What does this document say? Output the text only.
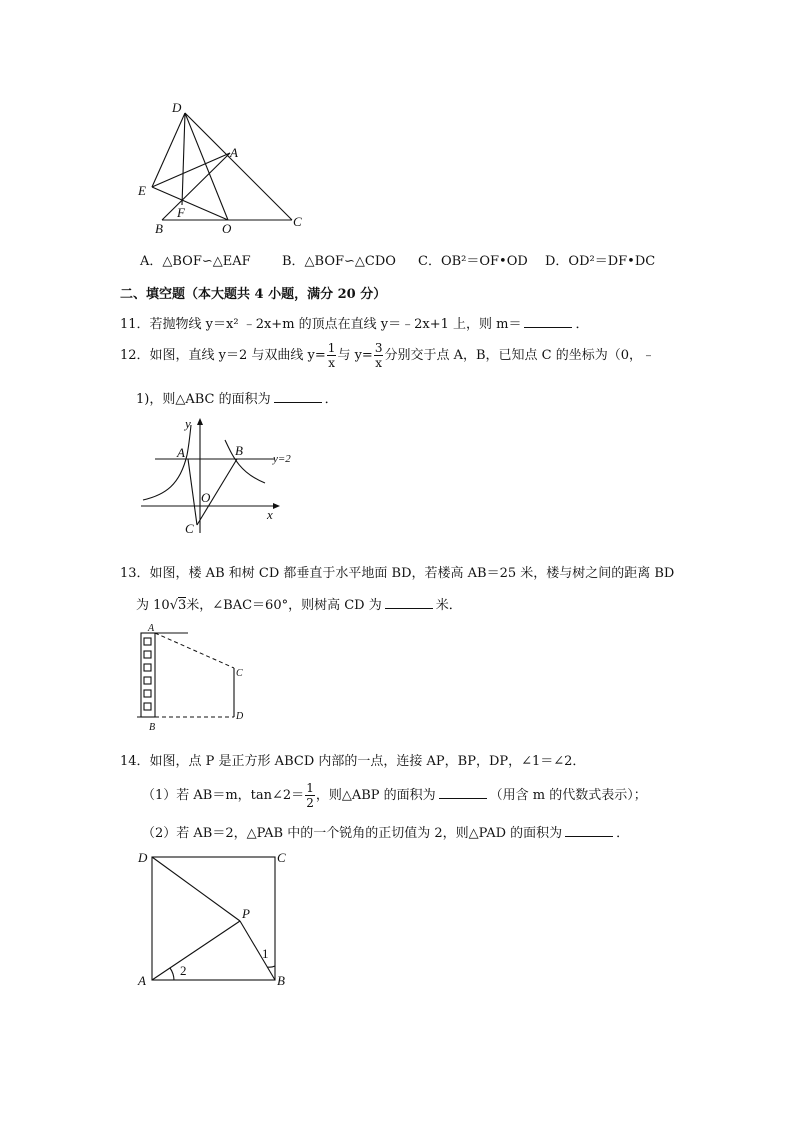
D
A
E
F
B	O	C
A．△BOF∽△EAF B．△BOF∽△CDO C．OB²＝OF•OD D．OD²＝DF•DC
二、填空题（本大题共 4 小题，满分 20 分）
11．若抛物线 y＝x² ﹣2x+m 的顶点在直线 y＝﹣2x+1 上，则 m＝	．
12．如图，直线 y＝2 与双曲线 $y= \frac{1}{x}$ 与 $y= \frac{3}{x}$ 分别交于点 A，B，已知点 C 的坐标为（0，﹣
1)，则△ABC 的面积为	．
y
x
A	B
O
C
y=2
13．如图，楼 AB 和树 CD 都垂直于水平地面 BD，若楼高 AB＝25 米，楼与树之间的距离 BD
为 10√3米，∠BAC＝60°，则树高 CD 为	米．
A
B
C
D
14．如图，点 P 是正方形 ABCD 内部的一点，连接 AP，BP，DP，∠1＝∠2．
（1）若 AB＝m，tan∠2＝ $\frac{1}{2}$ ，则△ABP 的面积为	（用含 m 的代数式表示）；
（2）若 AB＝2，△PAB 中的一个锐角的正切值为 2，则△PAD 的面积为	．
D	C
P
A	B
1
2
